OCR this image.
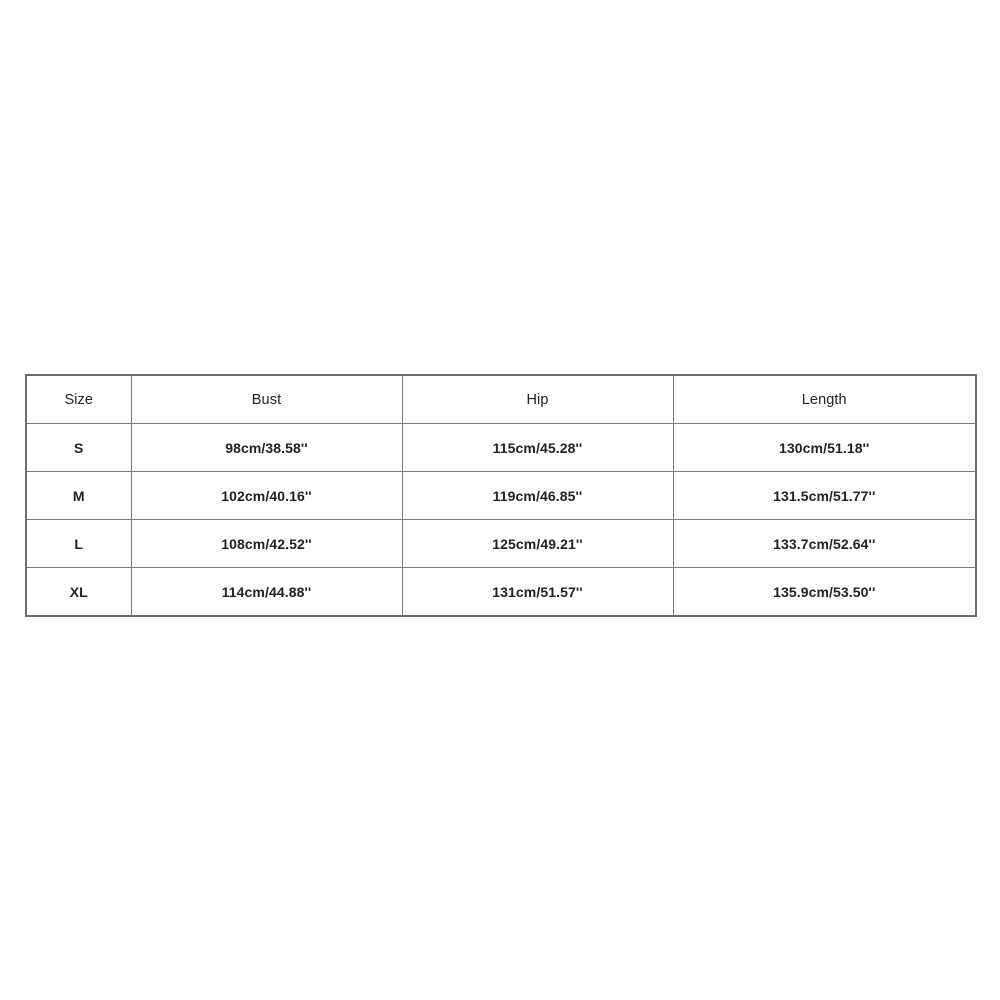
Size	Bust	Hip	Length
S	98cm/38.58''	115cm/45.28''	130cm/51.18''
M	102cm/40.16''	119cm/46.85''	131.5cm/51.77''
L	108cm/42.52''	125cm/49.21''	133.7cm/52.64''
XL	114cm/44.88''	131cm/51.57''	135.9cm/53.50''
